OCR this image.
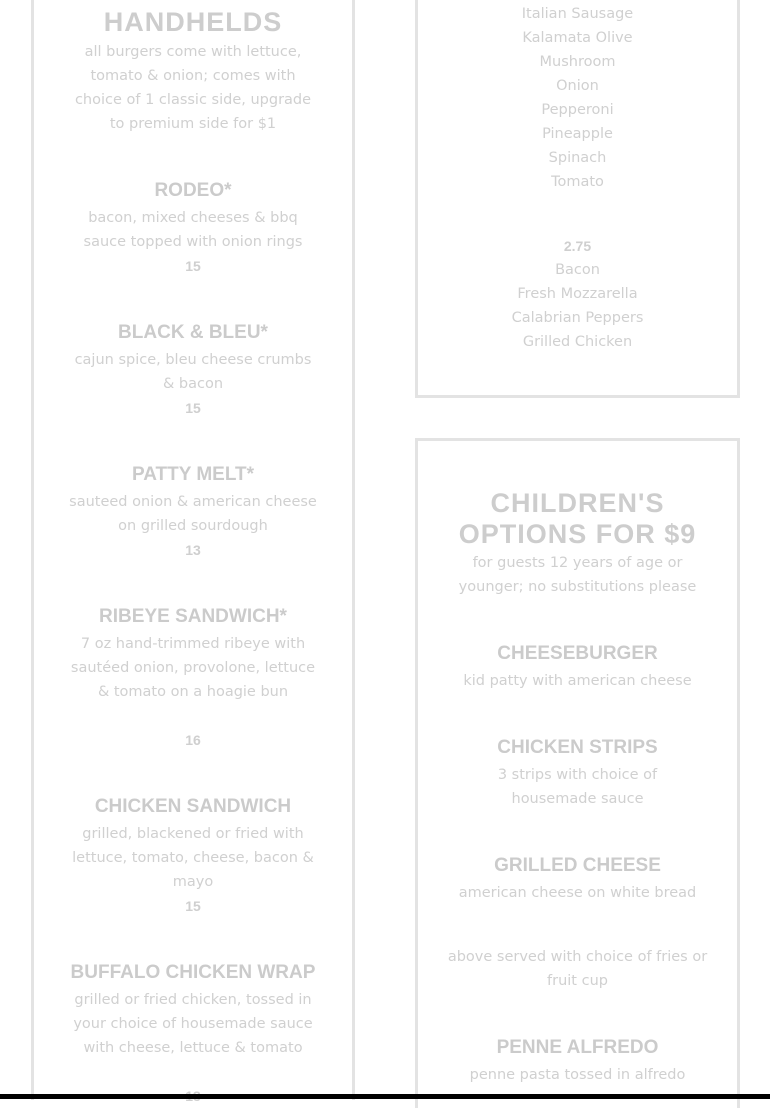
HANDHELDS
all burgers come with lettuce, tomato & onion; comes with choice of 1 classic side, upgrade to premium side for $1
RODEO*
bacon, mixed cheeses & bbq sauce topped with onion rings
15
BLACK & BLEU*
cajun spice, bleu cheese crumbs & bacon
15
PATTY MELT*
sauteed onion & american cheese on grilled sourdough
13
RIBEYE SANDWICH*
7 oz hand-trimmed ribeye with sautéed onion, provolone, lettuce & tomato on a hoagie bun
16
CHICKEN SANDWICH
grilled, blackened or fried with lettuce, tomato, cheese, bacon & mayo
15
BUFFALO CHICKEN WRAP
grilled or fried chicken, tossed in your choice of housemade sauce with cheese, lettuce & tomato
Italian Sausage
Kalamata Olive
Mushroom
Onion
Pepperoni
Pineapple
Spinach
Tomato
2.75
Bacon
Fresh Mozzarella
Calabrian Peppers
Grilled Chicken
CHILDREN'S
OPTIONS FOR $9
for guests 12 years of age or younger; no substitutions please
CHEESEBURGER
kid patty with american cheese
CHICKEN STRIPS
3 strips with choice of housemade sauce
GRILLED CHEESE
american cheese on white bread
above served with choice of fries or fruit cup
PENNE ALFREDO
penne pasta tossed in alfredo
